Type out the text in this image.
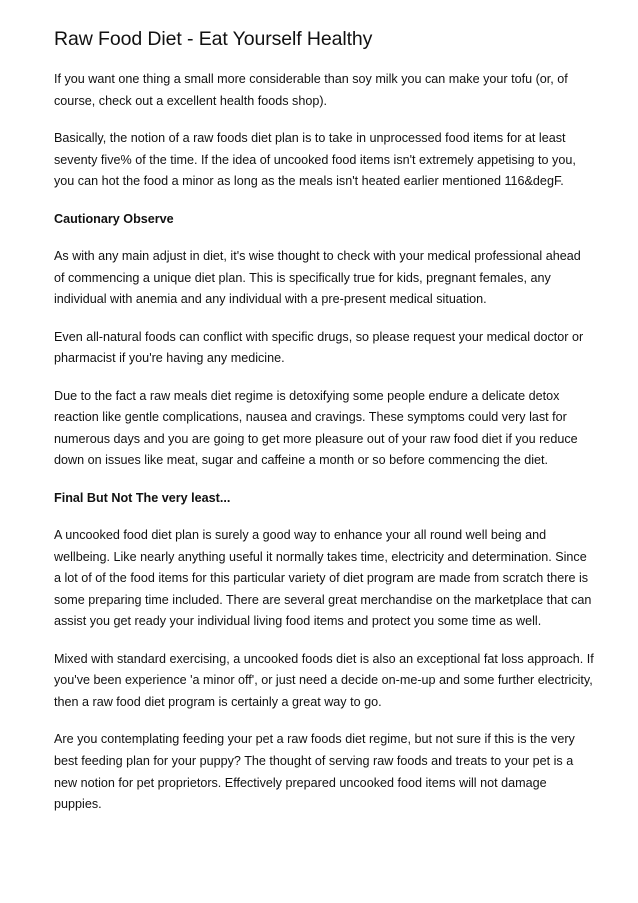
Raw Food Diet - Eat Yourself Healthy

If you want one thing a small more considerable than soy milk you can make your tofu (or, of course, check out a excellent health foods shop).

Basically, the notion of a raw foods diet plan is to take in unprocessed food items for at least seventy five% of the time. If the idea of uncooked food items isn't extremely appetising to you, you can hot the food a minor as long as the meals isn't heated earlier mentioned 116&degF.

Cautionary Observe

As with any main adjust in diet, it's wise thought to check with your medical professional ahead of commencing a unique diet plan. This is specifically true for kids, pregnant females, any individual with anemia and any individual with a pre-present medical situation.

Even all-natural foods can conflict with specific drugs, so please request your medical doctor or pharmacist if you're having any medicine.

Due to the fact a raw meals diet regime is detoxifying some people endure a delicate detox reaction like gentle complications, nausea and cravings. These symptoms could very last for numerous days and you are going to get more pleasure out of your raw food diet if you reduce down on issues like meat, sugar and caffeine a month or so before commencing the diet.

Final But Not The very least...

A uncooked food diet plan is surely a good way to enhance your all round well being and wellbeing. Like nearly anything useful it normally takes time, electricity and determination. Since a lot of of the food items for this particular variety of diet program are made from scratch there is some preparing time included. There are several great merchandise on the marketplace that can assist you get ready your individual living food items and protect you some time as well.

Mixed with standard exercising, a uncooked foods diet is also an exceptional fat loss approach. If you've been experience 'a minor off', or just need a decide on-me-up and some further electricity, then a raw food diet program is certainly a great way to go.

Are you contemplating feeding your pet a raw foods diet regime, but not sure if this is the very best feeding plan for your puppy? The thought of serving raw foods and treats to your pet is a new notion for pet proprietors. Effectively prepared uncooked food items will not damage puppies.
